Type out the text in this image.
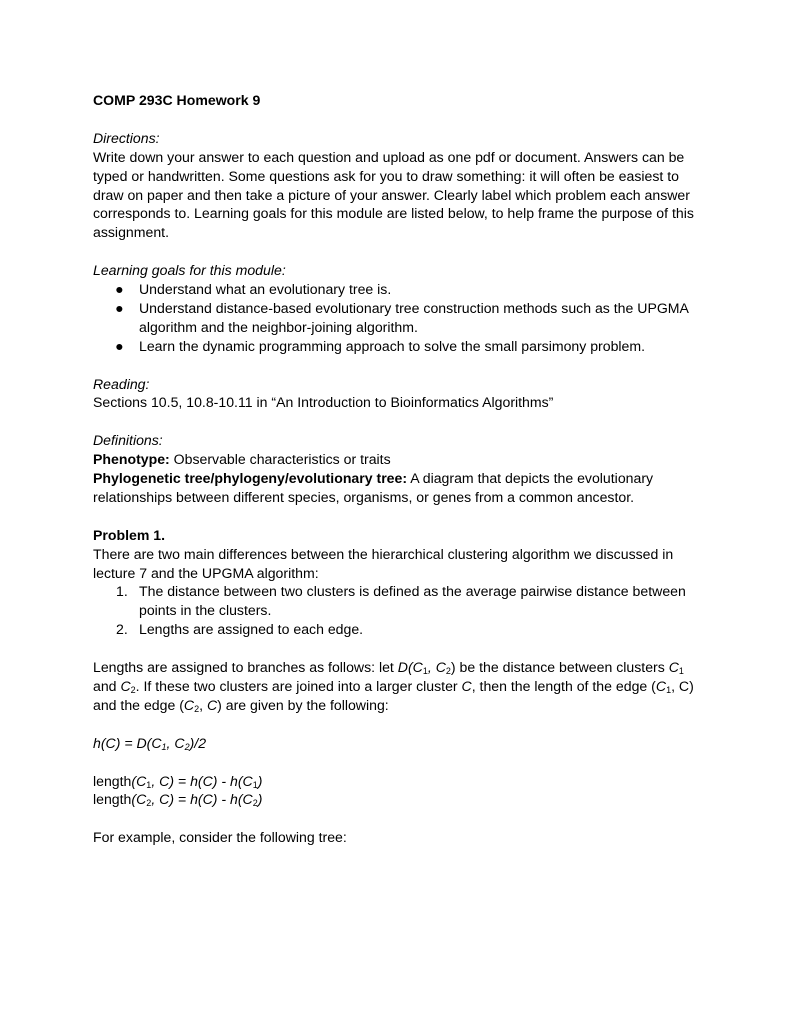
COMP 293C Homework 9

Directions:

Write down your answer to each question and upload as one pdf or document. Answers can be typed or handwritten. Some questions ask for you to draw something: it will often be easiest to draw on paper and then take a picture of your answer. Clearly label which problem each answer corresponds to. Learning goals for this module are listed below, to help frame the purpose of this assignment.

Learning goals for this module:

● Understand what an evolutionary tree is.
● Understand distance-based evolutionary tree construction methods such as the UPGMA algorithm and the neighbor-joining algorithm.
● Learn the dynamic programming approach to solve the small parsimony problem.

Reading:

Sections 10.5, 10.8-10.11 in “An Introduction to Bioinformatics Algorithms”

Definitions:

Phenotype: Observable characteristics or traits

Phylogenetic tree/phylogeny/evolutionary tree: A diagram that depicts the evolutionary relationships between different species, organisms, or genes from a common ancestor.

Problem 1.

There are two main differences between the hierarchical clustering algorithm we discussed in lecture 7 and the UPGMA algorithm:

1. The distance between two clusters is defined as the average pairwise distance between points in the clusters.
2. Lengths are assigned to each edge.

Lengths are assigned to branches as follows: let $D(C_1$, $C_2$) be the distance between clusters $C_1$ and $C_2$. If these two clusters are joined into a larger cluster C, then the length of the edge ($C_1$, C) and the edge ($C_2$, C) are given by the following:

$h(C) = D(C_1$, $C_2)/2$

$length(C_1$, $C) = h(C) - h(C_1)$

$length(C_2$, $C) = h(C) - h(C_2)$

For example, consider the following tree:
